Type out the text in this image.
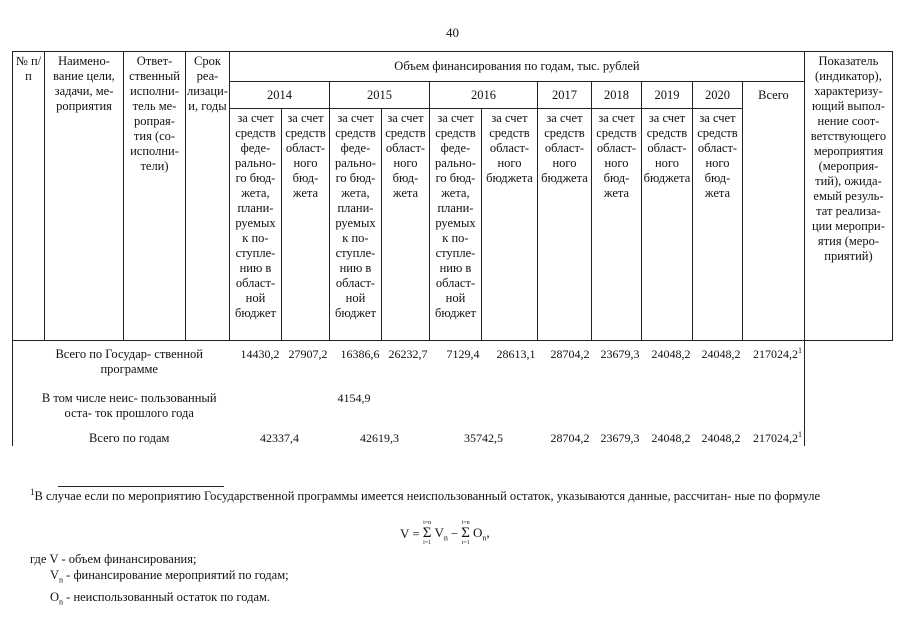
40
№ п/п	Наимено- вание цели, задачи, ме- роприятия	Ответ- ственный исполни- тель ме- ропрaя- тия (со- исполни- тели)	Срок реа- лизаци- и, годы	Объем финансирования по годам, тыс. рублей											Показатель (индикатор), характеризу- ющий выпол- нение соот- ветствующего мероприятия (мероприя- тий), ожида- емый резуль- тат реализа- ции меропри- ятия (меро- приятий)
				2014		2015		2016		2017	2018	2019	2020	Всего	
				за счет средств феде- рально- го бюд- жета, плани- руемых к по- ступле- нию в област- ной бюджет	за счет средств област- ного бюд- жета	за счет средств феде- рально- го бюд- жета, плани- руемых к по- ступле- нию в област- ной бюджет	за счет средств област- ного бюд- жета	за счет средств феде- рально- го бюд- жета, плани- руемых к по- ступле- нию в област- ной бюджет	за счет средств област- ного бюджета	за счет средств област- ного бюджета	за счет средств област- ного бюд- жета	за счет средств област- ного бюджета	за счет средств област- ного бюд- жета		

Всего по Государ- ственной программе				14430,2	27907,2	16386,6	26232,7	7129,4	28613,1	28704,2	23679,3	24048,2	24048,2	217024,2$^1$	

В том числе неис- пользованный оста- ток прошлого года						4154,9									

Всего по годам				42337,4		42619,3		35742,5		28704,2	23679,3	24048,2	24048,2	217024,2$^1$	
$^1$В случае если по мероприятию Государственной программы имеется неиспользованный остаток, указываются данные, рассчитан- ные по формуле
V =
i=n
Σ
i=1
$V_n$ −
i=n
Σ
i=1
$O_n$,
где V - объем финансирования;
$V_n$ - финансирование мероприятий по годам;
$O_n$ - неиспользованный остаток по годам.
